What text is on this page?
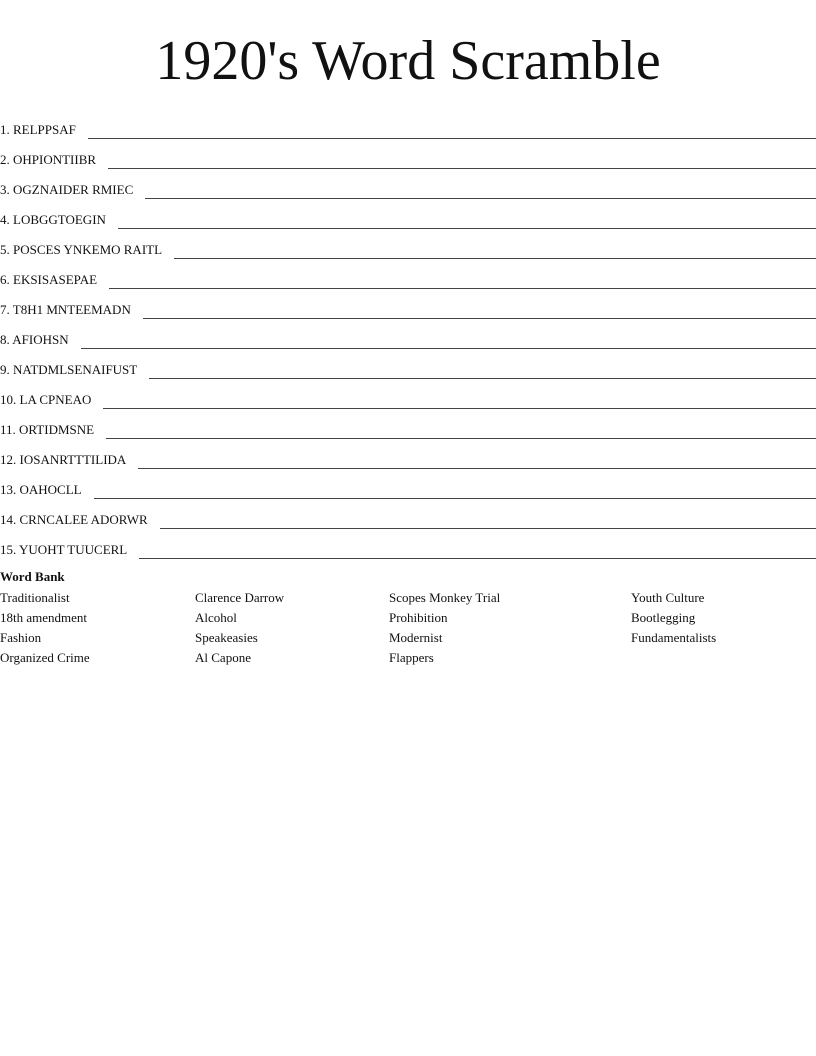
1920's Word Scramble
1. RELPPSAF
2. OHPIONTIIBR
3. OGZNAIDER RMIEC
4. LOBGGTOEGIN
5. POSCES YNKEMO RAITL
6. EKSISASEPAE
7. T8H1 MNTEEMADN
8. AFIOHSN
9. NATDMLSENAIFUST
10. LA CPNEAO
11. ORTIDMSNE
12. IOSANRTTTILIDA
13. OAHOCLL
14. CRNCALEE ADORWR
15. YUOHT TUUCERL
Word Bank
Traditionalist
18th amendment
Fashion
Organized Crime
Clarence Darrow
Alcohol
Speakeasies
Al Capone
Scopes Monkey Trial
Prohibition
Modernist
Flappers
Youth Culture
Bootlegging
Fundamentalists
